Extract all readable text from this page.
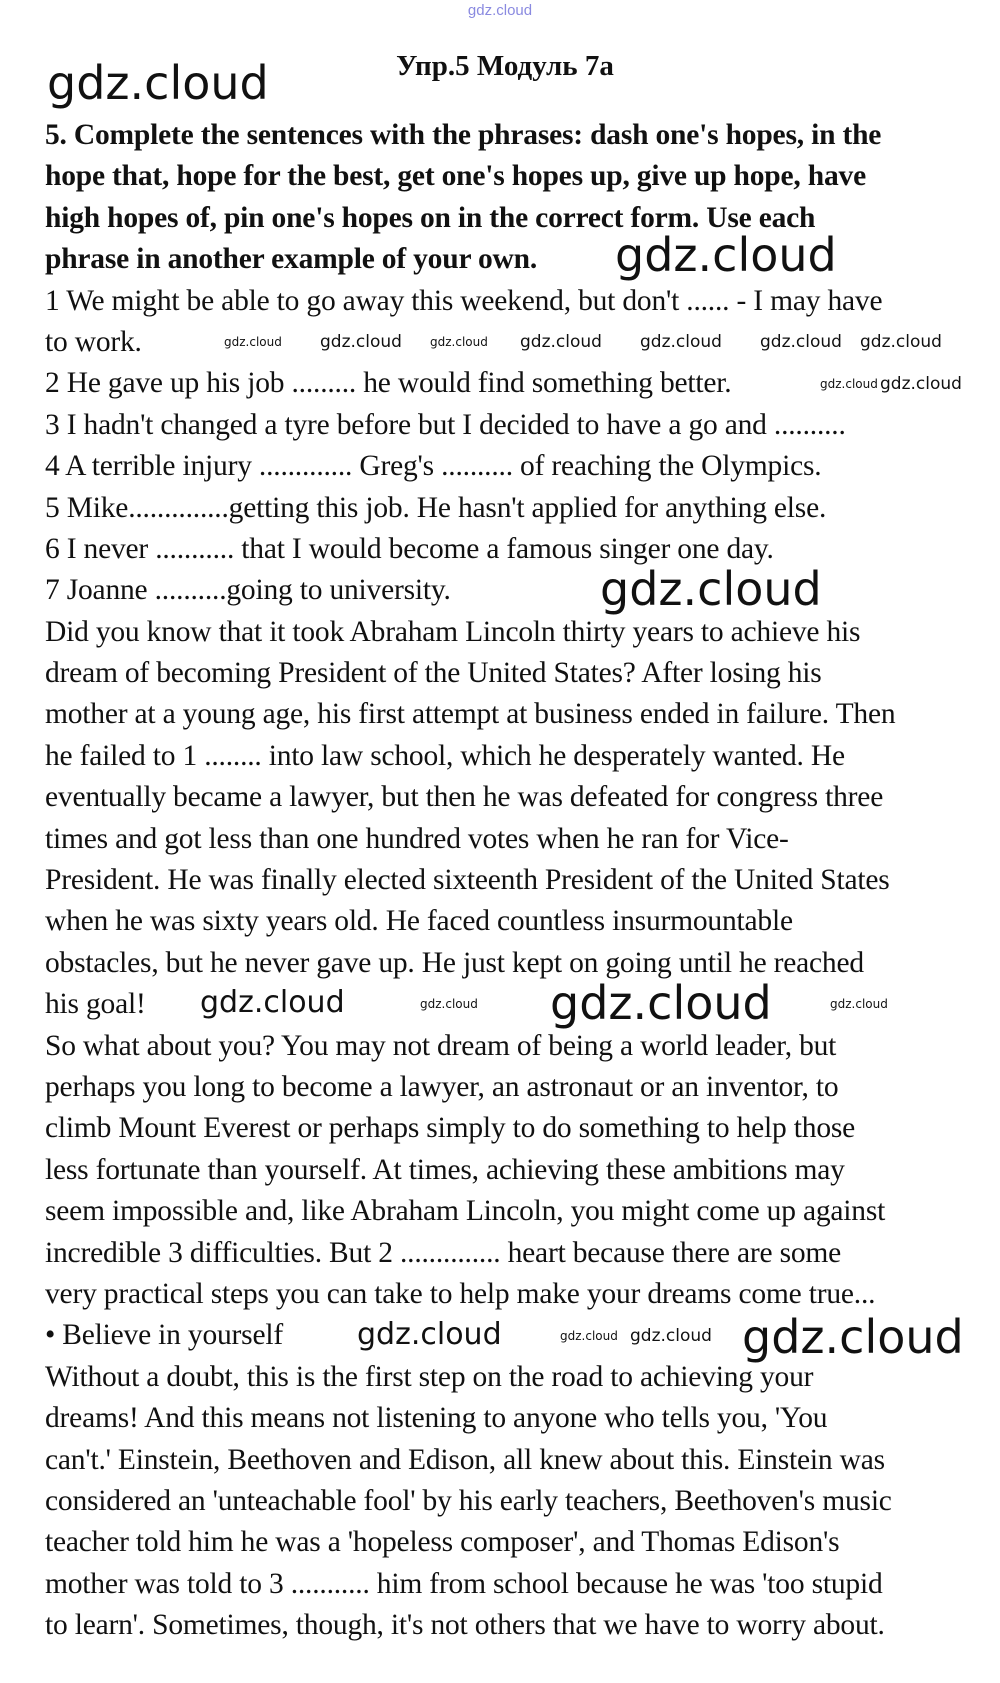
gdz.cloud
Упр.5 Модуль 7а
5. Complete the sentences with the phrases: dash one's hopes, in the
hope that, hope for the best, get one's hopes up, give up hope, have
high hopes of, pin one's hopes on in the correct form. Use each
phrase in another example of your own.
1 We might be able to go away this weekend, but don't ...... - I may have
to work.
2 He gave up his job ......... he would find something better.
3 I hadn't changed a tyre before but I decided to have a go and ..........
4 A terrible injury ............. Greg's .......... of reaching the Olympics.
5 Mike..............getting this job. He hasn't applied for anything else.
6 I never ........... that I would become a famous singer one day.
7 Joanne ..........going to university.
Did you know that it took Abraham Lincoln thirty years to achieve his
dream of becoming President of the United States? After losing his
mother at a young age, his first attempt at business ended in failure. Then
he failed to 1 ........ into law school, which he desperately wanted. He
eventually became a lawyer, but then he was defeated for congress three
times and got less than one hundred votes when he ran for Vice-
President. He was finally elected sixteenth President of the United States
when he was sixty years old. He faced countless insurmountable
obstacles, but he never gave up. He just kept on going until he reached
his goal!
So what about you? You may not dream of being a world leader, but
perhaps you long to become a lawyer, an astronaut or an inventor, to
climb Mount Everest or perhaps simply to do something to help those
less fortunate than yourself. At times, achieving these ambitions may
seem impossible and, like Abraham Lincoln, you might come up against
incredible 3 difficulties. But 2 .............. heart because there are some
very practical steps you can take to help make your dreams come true...
• Believe in yourself
Without a doubt, this is the first step on the road to achieving your
dreams! And this means not listening to anyone who tells you, 'You
can't.' Einstein, Beethoven and Edison, all knew about this. Einstein was
considered an 'unteachable fool' by his early teachers, Beethoven's music
teacher told him he was a 'hopeless composer', and Thomas Edison's
mother was told to 3 ........... him from school because he was 'too stupid
to learn'. Sometimes, though, it's not others that we have to worry about.
gdz.cloud
gdz.cloud
gdz.cloud
gdz.cloud	gdz.cloud
gdz.cloud	gdz.cloud
gdz.cloud gdz.cloud gdz.cloud gdz.cloud gdz.cloud gdz.cloud gdz.cloud
gdz.cloud gdz.cloud
gdz.cloud	gdz.cloud
gdz.cloud gdz.cloud
